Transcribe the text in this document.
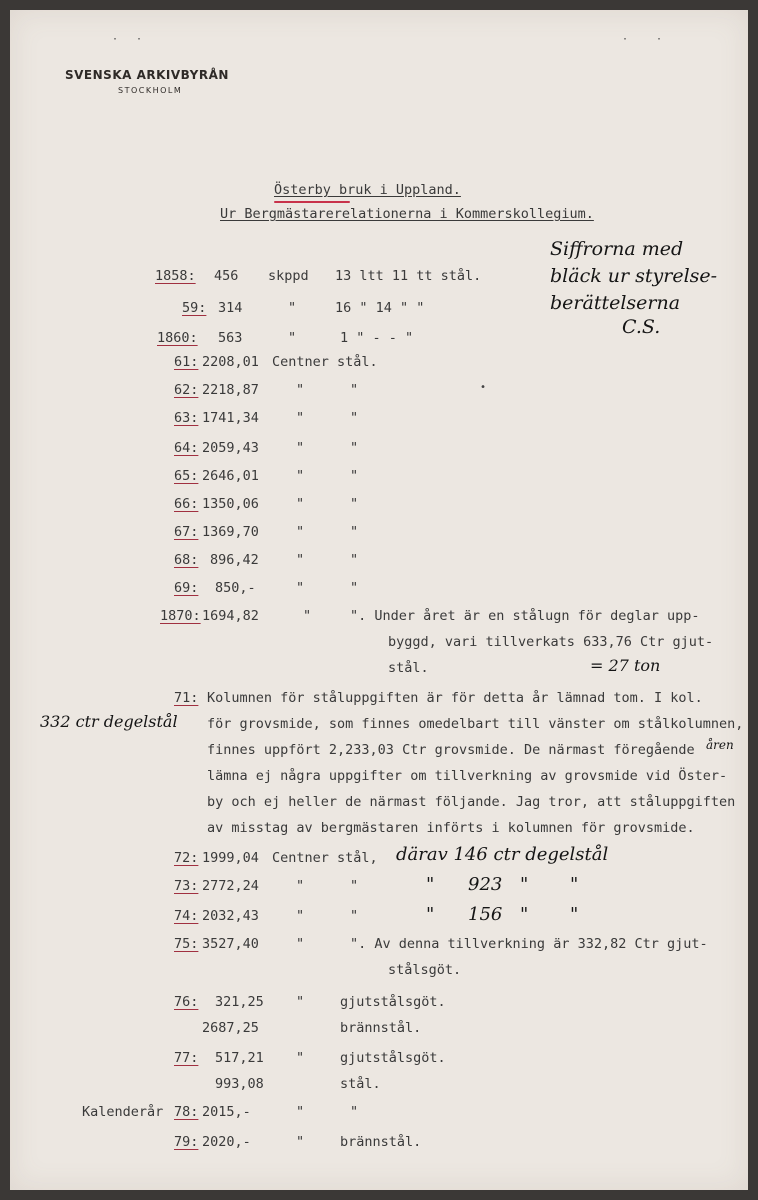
· ·	·	·
SVENSKA ARKIVBYRÅN
STOCKHOLM
Österby bruk i Uppland.
Ur Bergmästarerelationerna i Kommerskollegium.
Siffrorna med
bläck ur styrelse-
berättelserna
C.S.
1858: 456 skppd 13 ltt 11 tt stål.
59: 314	"	16 " 14 " "
1860: 563	"	1 " - - "
61: 2208,01 Centner stål.
62: 2218,87	"	"	•
63: 1741,34	"	"
64: 2059,43	"	"
65: 2646,01	"	"
66: 1350,06	"	"
67: 1369,70	"	"
68: 896,42	"	"
69: 850,-	"	"
1870: 1694,82	"	". Under året är en stålugn för deglar upp-
byggd, vari tillverkats 633,76 Ctr gjut-
stål.	= 27 ton
71: Kolumnen för ståluppgiften är för detta år lämnad tom. I kol.
332 ctr degelstål för grovsmide, som finnes omedelbart till vänster om stålkolumnen,
finnes uppfört 2,233,03 Ctr grovsmide. De närmast föregående åren
lämna ej några uppgifter om tillverkning av grovsmide vid Öster-
by och ej heller de närmast följande. Jag tror, att ståluppgiften
av misstag av bergmästaren införts i kolumnen för grovsmide.
72: 1999,04 Centner stål, därav 146 ctr degelstål
73: 2772,24	"	"	" 923 " "
74: 2032,43	"	"	" 156 " "
75: 3527,40	"	". Av denna tillverkning är 332,82 Ctr gjut-
stålsgöt.
76: 321,25 "	gjutstålsgöt.
2687,25	brännstål.
77: 517,21 "	gjutstålsgöt.
993,08	stål.
Kalenderår 78: 2015,-	"	"
79: 2020,-	"	brännstål.
